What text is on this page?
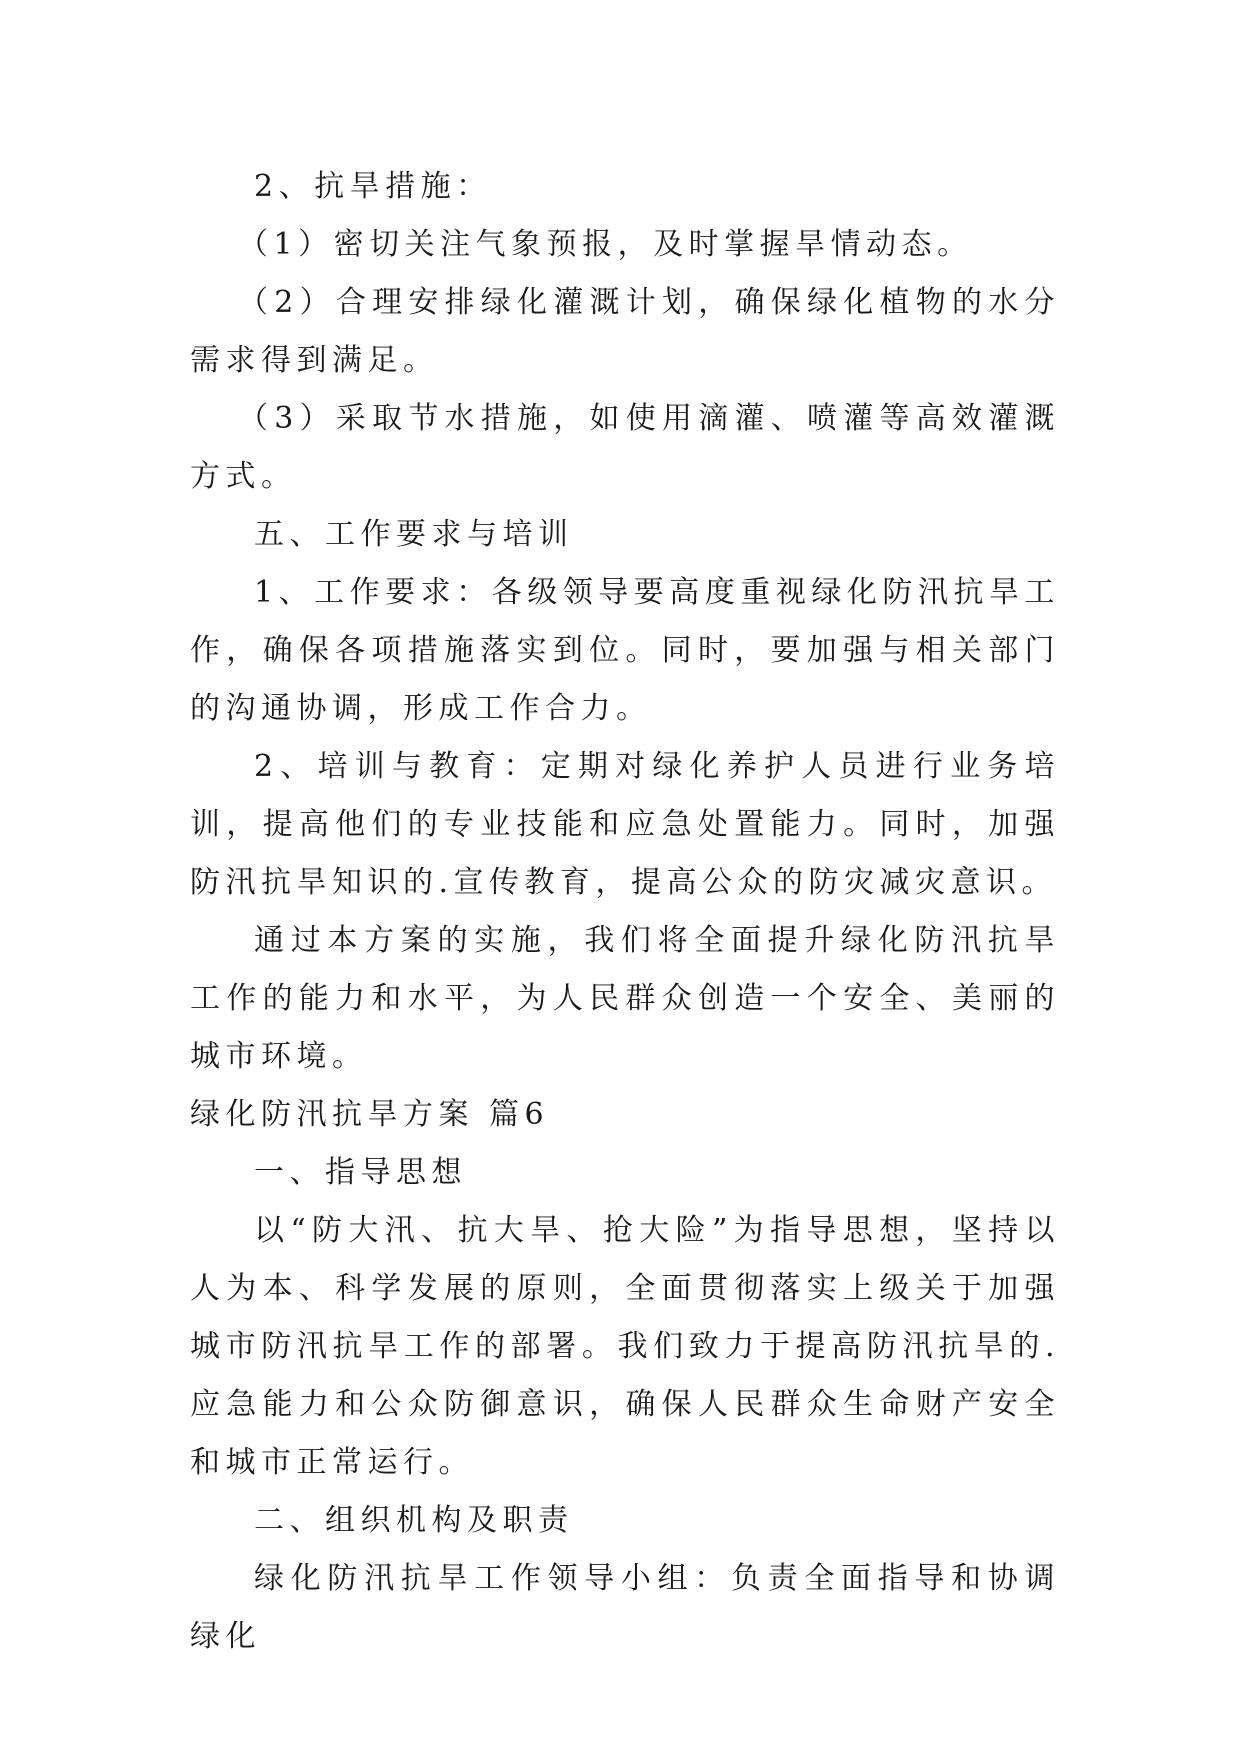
2、抗旱措施：

（1）密切关注气象预报，及时掌握旱情动态。

（2）合理安排绿化灌溉计划，确保绿化植物的水分需求得到满足。

（3）采取节水措施，如使用滴灌、喷灌等高效灌溉方式。

五、工作要求与培训

1、工作要求：各级领导要高度重视绿化防汛抗旱工作，确保各项措施落实到位。同时，要加强与相关部门的沟通协调，形成工作合力。

2、培训与教育：定期对绿化养护人员进行业务培训，提高他们的专业技能和应急处置能力。同时，加强防汛抗旱知识的.宣传教育，提高公众的防灾减灾意识。

通过本方案的实施，我们将全面提升绿化防汛抗旱工作的能力和水平，为人民群众创造一个安全、美丽的城市环境。

绿化防汛抗旱方案 篇6

一、指导思想

以“防大汛、抗大旱、抢大险”为指导思想，坚持以人为本、科学发展的原则，全面贯彻落实上级关于加强城市防汛抗旱工作的部署。我们致力于提高防汛抗旱的.应急能力和公众防御意识，确保人民群众生命财产安全和城市正常运行。

二、组织机构及职责

绿化防汛抗旱工作领导小组：负责全面指导和协调绿化
